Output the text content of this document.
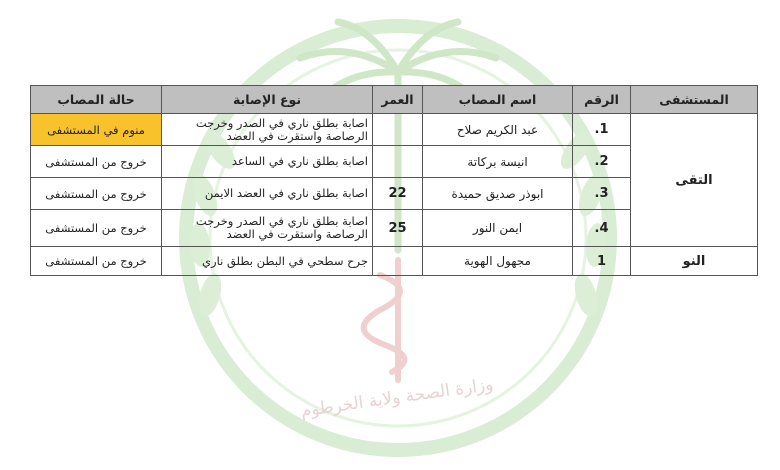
وزارة الصحة ولاية الخرطوم
المستشفى	الرقم	اسم المصاب	العمر	نوع الإصابة	حالة المصاب
التقى	1.	عبد الكريم صلاح		اصابة بطلق ناري في الصدر وخرجت الرصاصة واستقرت في العضد	منوم في المستشفى
	2.	انيسة بركاتة		اصابة بطلق ناري في الساعد	خروج من المستشفى
	3.	ابوذر صديق حميدة	22	اصابة بطلق ناري في العضد الايمن	خروج من المستشفى
	4.	ايمن النور	25	اصابة بطلق ناري في الصدر وخرجت الرصاصة واستقرت في العضد	خروج من المستشفى
النو	1	مجهول الهوية		جرح سطحي في البطن بطلق ناري	خروج من المستشفى
